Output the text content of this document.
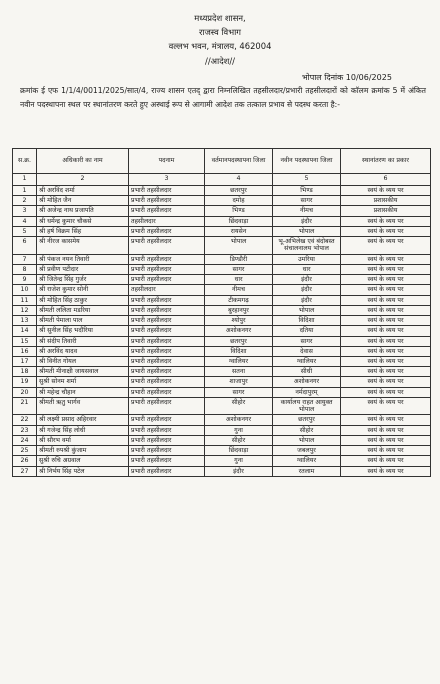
मध्यप्रदेश शासन,
राजस्व विभाग
वल्लभ भवन, मंत्रालय, 462004
//आदेश//
भोपाल दिनांक 10/06/2025
क्रमांक ई एफ 1/1/4/0011/2025/सात/4, राज्य शासन एतद् द्वारा निम्नलिखित तहसीलदार/प्रभारी तहसीलदारों को कॉलम क्रमांक 5 में अंकित नवीन पदस्थापना स्थल पर स्थानांतरण करते हुए अस्थाई रूप से आगामी आदेश तक तत्काल प्रभाव से पदस्थ करता है:-
स.क्र.	अधिकारी का नाम	पदनाम	वर्तमानपदस्थापना जिला	नवीन पदस्थापना जिला	स्थानांतरण का प्रकार
1	2	3	4	5	6
1	श्री अरविंद शर्मा	प्रभारी तहसीलदार	छतरपुर	भिण्ड	स्वयं के व्यय पर
2	श्री मोहित जैन	प्रभारी तहसीलदार	दमोह	सागर	प्रशासकीय
3	श्री अजेन्द्र नाथ प्रजापति	प्रभारी तहसीलदार	भिण्ड	नीमच	प्रशासकीय
4	श्री धर्मेन्द्र कुमार चौकसे	तहसीलदार	छिंदवाड़ा	इंदौर	स्वयं के व्यय पर
5	श्री हर्ष विक्रम सिंह	प्रभारी तहसीलदार	रायसेन	भोपाल	स्वयं के व्यय पर
6	श्री नीरज कासमेय	प्रभारी तहसीलदार	भोपाल	भू-अभिलेख एवं बंदोबस्त संचालनालय भोपाल	स्वयं के व्यय पर
7	श्री पंकज नयन तिवारी	प्रभारी तहसीलदार	डिण्डौरी	उमरिया	स्वयं के व्यय पर
8	श्री प्रवीण पटीदार	प्रभारी तहसीलदार	सागर	धार	स्वयं के व्यय पर
9	श्री जितेन्द्र सिंह गुर्जर	प्रभारी तहसीलदार	धार	इंदौर	स्वयं के व्यय पर
10	श्री राजेश कुमार सोनी	तहसीलदार	नीमच	इंदौर	स्वयं के व्यय पर
11	श्री मोहित सिंह ठाकुर	प्रभारी तहसीलदार	टीकमगढ़	इंदौर	स्वयं के व्यय पर
12	श्रीमती ललिता मडरिया	प्रभारी तहसीलदार	बुरहानपुर	भोपाल	स्वयं के व्यय पर
13	श्रीमती पेमाला पाल	प्रभारी तहसीलदार	श्योपुर	विदिशा	स्वयं के व्यय पर
14	श्री सुनील सिंह भदौरिया	प्रभारी तहसीलदार	अशोकनगर	दतिया	स्वयं के व्यय पर
15	श्री संदीप तिवारी	प्रभारी तहसीलदार	छतरपुर	सागर	स्वयं के व्यय पर
16	श्री अरविंद यादव	प्रभारी तहसीलदार	विदिशा	देवास	स्वयं के व्यय पर
17	श्री विनीत गोयल	प्रभारी तहसीलदार	ग्वालियर	ग्वालियर	स्वयं के व्यय पर
18	श्रीमती मीनाक्षी जायसवाल	प्रभारी तहसीलदार	सतना	सीधी	स्वयं के व्यय पर
19	सुश्री सोनम शर्मा	प्रभारी तहसीलदार	शाजापुर	अशोकनगर	स्वयं के व्यय पर
20	श्री महेन्द्र चौहान	प्रभारी तहसीलदार	सागर	नर्मदापुरम्	स्वयं के व्यय पर
21	श्रीमती ऋतु भार्गव	प्रभारी तहसीलदार	सीहोर	कार्यालय राहत आयुक्त भोपाल	स्वयं के व्यय पर
22	श्री लक्ष्मी प्रसाद अहिरवार	प्रभारी तहसीलदार	अशोकनगर	छतरपुर	स्वयं के व्यय पर
23	श्री गजेन्द्र सिंह लोधी	प्रभारी तहसीलदार	गुना	सीहोर	स्वयं के व्यय पर
24	श्री सौरभ वर्मा	प्रभारी तहसीलदार	सीहोर	भोपाल	स्वयं के व्यय पर
25	श्रीमती रुपश्री कुंजाम	प्रभारी तहसीलदार	छिंदवाड़ा	जबलपुर	स्वयं के व्यय पर
26	सुश्री रुचि अग्रवाल	प्रभारी तहसीलदार	गुना	ग्वालियर	स्वयं के व्यय पर
27	श्री निर्भय सिंह पटेल	प्रभारी तहसीलदार	इंदौर	रतलाम	स्वयं के व्यय पर
